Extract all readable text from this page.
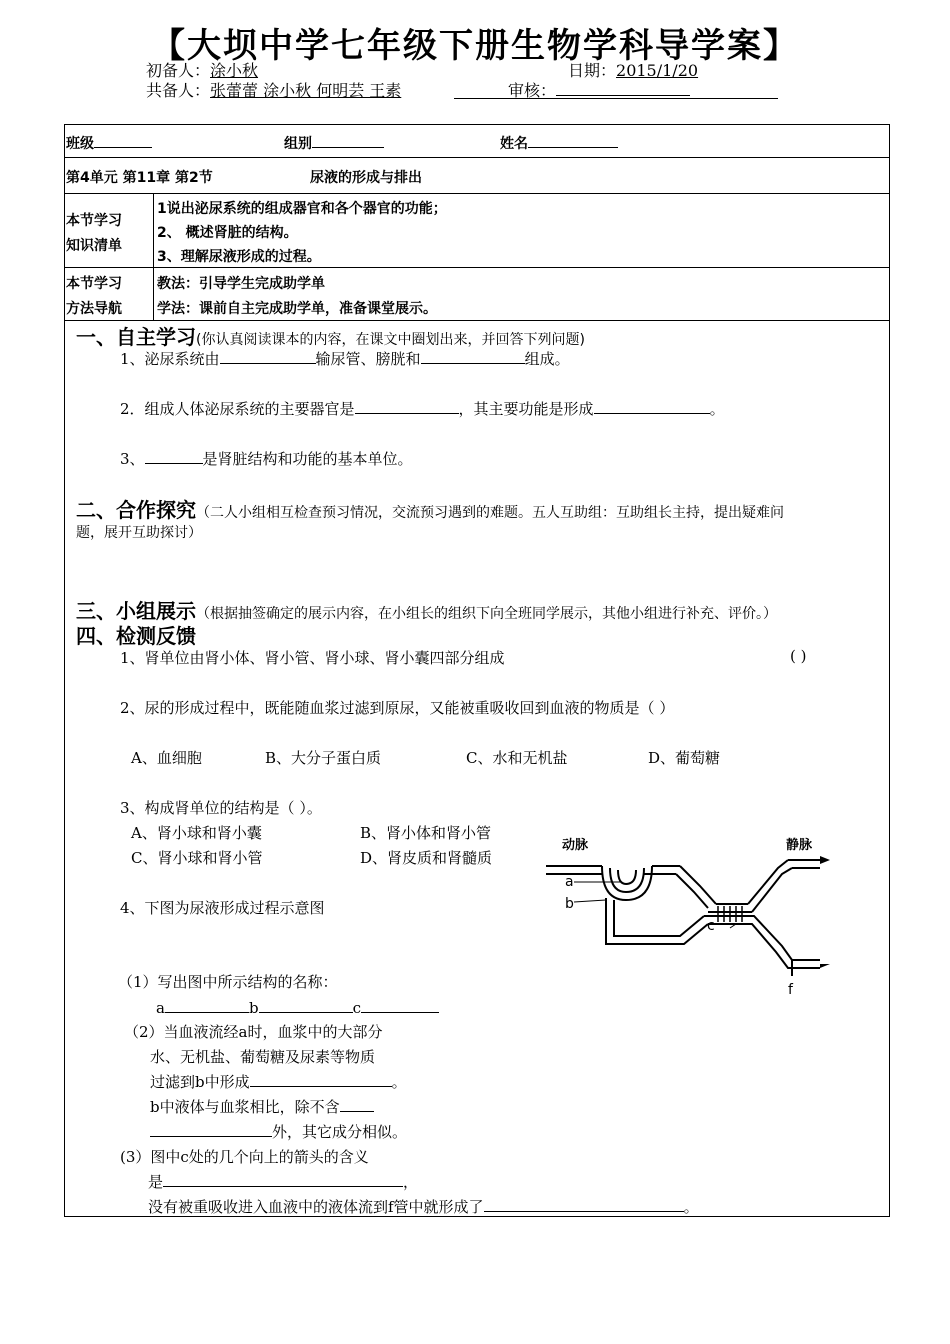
【大坝中学七年级下册生物学科导学案】
初备人：涂小秋	日期：2015/1/20
共备人：张蕾蕾 涂小秋 何明芸 王素	审核：
班级	组别	姓名
第4单元 第11章 第2节	尿液的形成与排出
本节学习
知识清单
1说出泌尿系统的组成器官和各个器官的功能；
2、 概述肾脏的结构。
3、理解尿液形成的过程。
本节学习
方法导航
教法：引导学生完成助学单
学法：课前自主完成助学单，准备课堂展示。
一、自主学习(你认真阅读课本的内容，在课文中圈划出来，并回答下列问题)
1、泌尿系统由	输尿管、膀胱和	组成。
2．组成人体泌尿系统的主要器官是	，其主要功能是形成	。
3、	是肾脏结构和功能的基本单位。
二、合作探究（二人小组相互检查预习情况，交流预习遇到的难题。五人互助组：互助组长主持，提出疑难问
题，展开互助探讨）
三、小组展示（根据抽签确定的展示内容，在小组长的组织下向全班同学展示，其他小组进行补充、评价。）
四、检测反馈
1、肾单位由肾小体、肾小管、肾小球、肾小囊四部分组成	( )
2、尿的形成过程中，既能随血浆过滤到原尿，又能被重吸收回到血液的物质是（ ）
A、血细胞	B、大分子蛋白质	C、水和无机盐	D、葡萄糖
3、构成肾单位的结构是（ ）。
A、肾小球和肾小囊	B、肾小体和肾小管
C、肾小球和肾小管	D、肾皮质和肾髓质
4、下图为尿液形成过程示意图
（1）写出图中所示结构的名称：
a	b	c
（2）当血液流经a时，血浆中的大部分
水、无机盐、葡萄糖及尿素等物质
过滤到b中形成	。
b中液体与血浆相比，除不含
外，其它成分相似。
(3）图中c处的几个向上的箭头的含义
是	，
没有被重吸收进入血液中的液体流到f管中就形成了	。
动脉	静脉
a
b
c
f
